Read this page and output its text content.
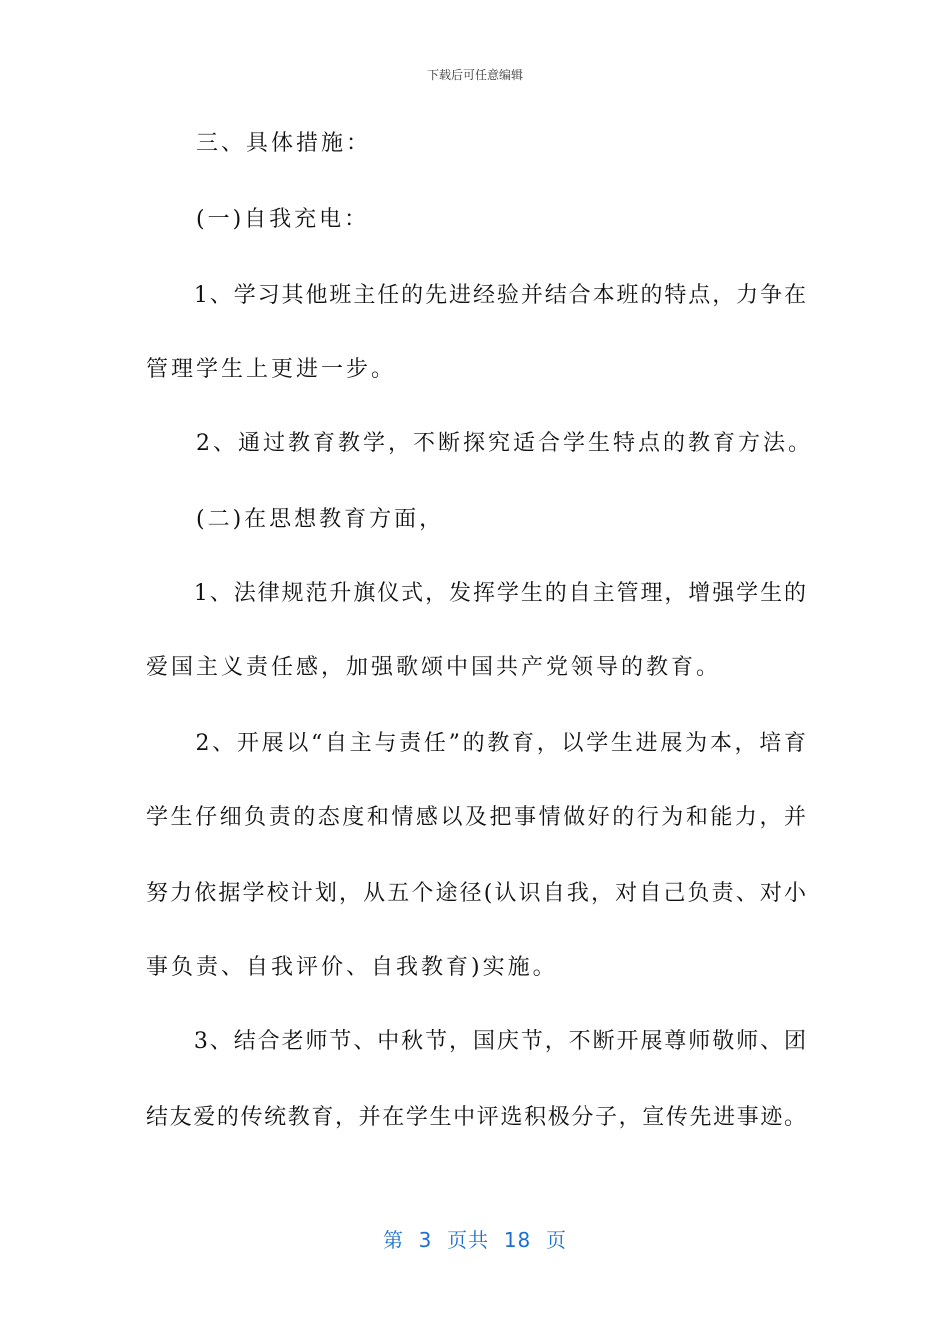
下载后可任意编辑
　　三、具体措施：
　　(一)自我充电：
　　1、学习其他班主任的先进经验并结合本班的特点，力争在
管理学生上更进一步。
　　2、通过教育教学，不断探究适合学生特点的教育方法。
　　(二)在思想教育方面，
　　1、法律规范升旗仪式，发挥学生的自主管理，增强学生的
爱国主义责任感，加强歌颂中国共产党领导的教育。
　　2、开展以“自主与责任”的教育，以学生进展为本，培育
学生仔细负责的态度和情感以及把事情做好的行为和能力，并
努力依据学校计划，从五个途径(认识自我，对自己负责、对小
事负责、自我评价、自我教育)实施。
　　3、结合老师节、中秋节，国庆节，不断开展尊师敬师、团
结友爱的传统教育，并在学生中评选积极分子，宣传先进事迹。
第  3  页共  18  页
